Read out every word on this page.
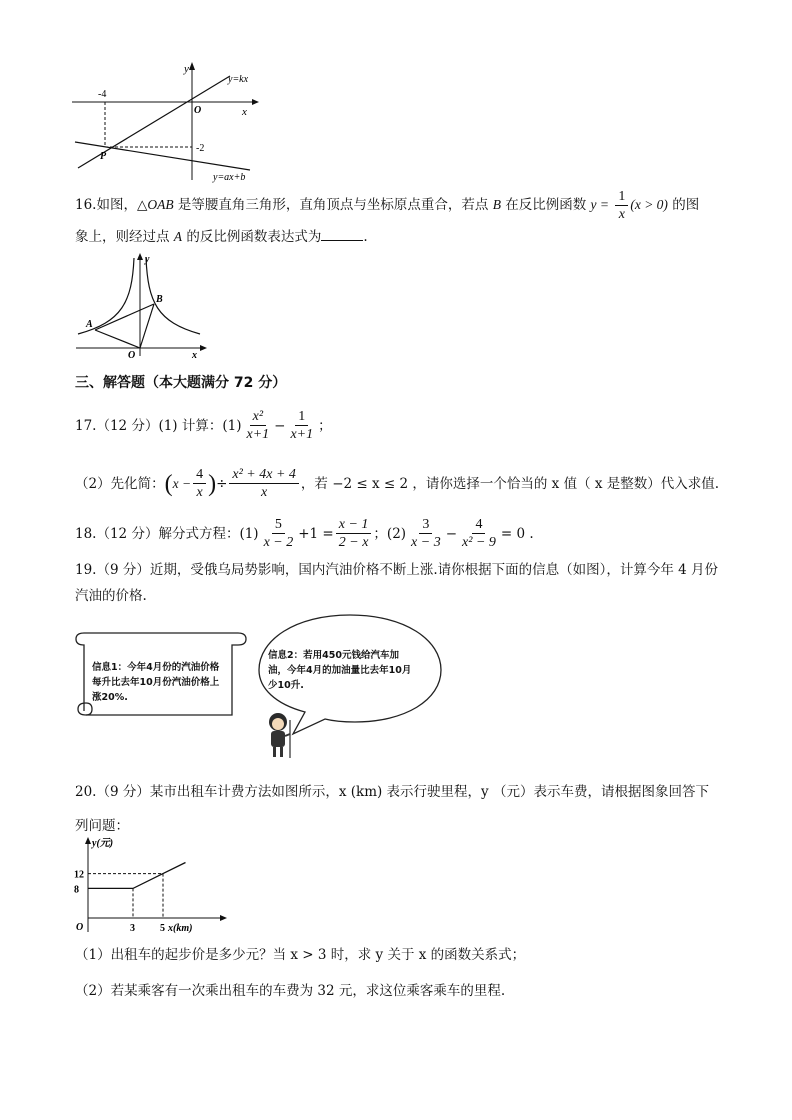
y
x
O
y=kx
y=ax+b
-4
-2
P
16.如图，△OAB 是等腰直角三角形，直角顶点与坐标原点重合，若点 B 在反比例函数 $y = \frac{1}{x} (x > 0)$ 的图
象上，则经过点 A 的反比例函数表达式为	.
y
x
O
A
B
三、解答题（本大题满分 72 分）
17.（12 分）(1) 计算：$(1) \frac{\text{x²}}{x+1} - \frac{1}{x+1}$ ；
（2）先化简： ( $x - \frac{4}{x}$ ) ÷ $\frac{\text{x² + 4x + 4}}{x}$ ，若 −2 ≤ x ≤ 2 ，请你选择一个恰当的 x 值（ x 是整数）代入求值.
18.（12 分）解分式方程：$(1) \frac{5}{x - 2} +1 = \frac{x - 1}{2 - x}$ ；$(2) \frac{3}{x - 3} - \frac{4}{\text{x² − 9}} = 0$ .
19.（9 分）近期，受俄乌局势影响，国内汽油价格不断上涨.请你根据下面的信息（如图），计算今年 4 月份
汽油的价格.
信息1：今年4月份的汽油价格
每升比去年10月份汽油价格上
涨20%.
信息2：若用450元钱给汽车加
油，今年4月的加油量比去年10月
少10升.
20.（9 分）某市出租车计费方法如图所示，x (km) 表示行驶里程，y （元）表示车费，请根据图象回答下
列问题：
y(元)
x(km)
O
8
12
3	5
（1）出租车的起步价是多少元？当 x > 3 时，求 y 关于 x 的函数关系式；
（2）若某乘客有一次乘出租车的车费为 32 元，求这位乘客乘车的里程.
